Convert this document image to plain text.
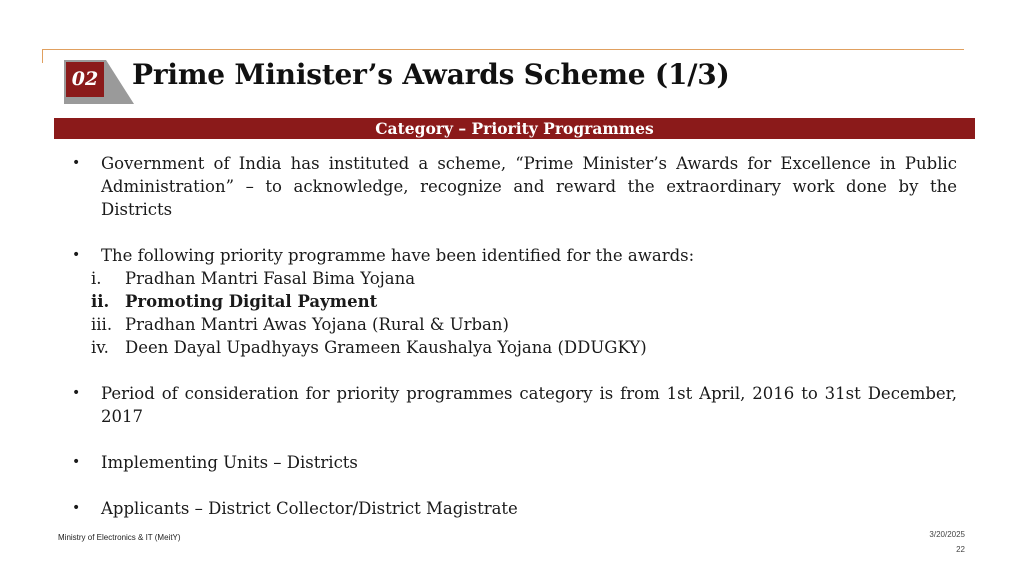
02 Prime Minister’s Awards Scheme (1/3)
Category – Priority Programmes
• Government of India has instituted a scheme, “Prime Minister’s Awards for Excellence in Public Administration” – to acknowledge, recognize and reward the extraordinary work done by the Districts
• The following priority programme have been identified for the awards:
i.	Pradhan Mantri Fasal Bima Yojana
ii. Promoting Digital Payment
iii. Pradhan Mantri Awas Yojana (Rural & Urban)
iv. Deen Dayal Upadhyays Grameen Kaushalya Yojana (DDUGKY)
• Period of consideration for priority programmes category is from 1st April, 2016 to 31st December, 2017
• Implementing Units – Districts
• Applicants – District Collector/District Magistrate
Ministry of Electronics & IT (MeitY)	3/20/2025
22
